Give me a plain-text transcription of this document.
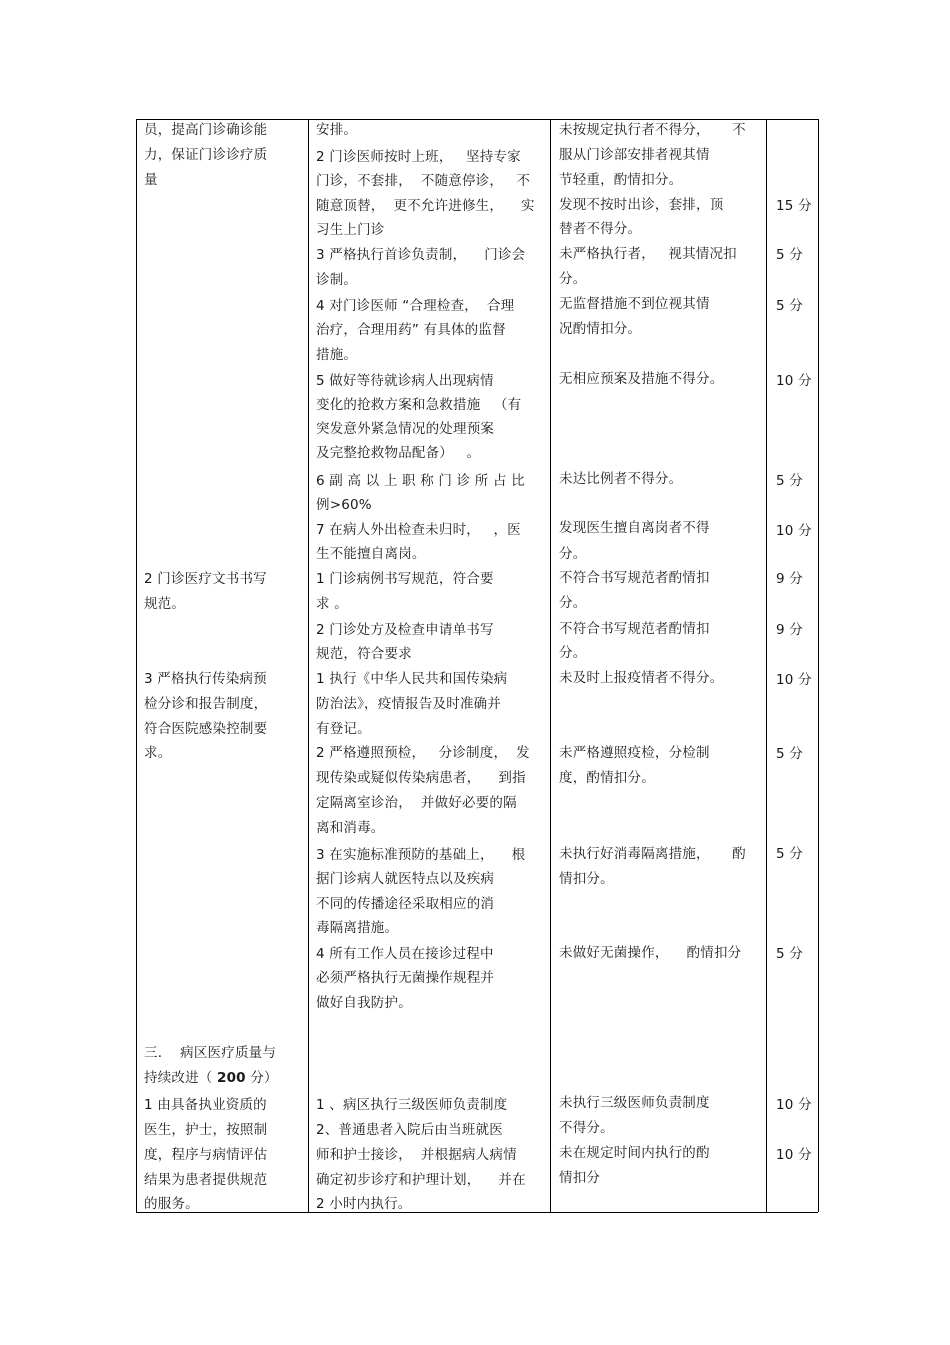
员，提高门诊确诊能
力，保证门诊诊疗质
量
2 门诊医疗文书书写
规范。
3 严格执行传染病预
检分诊和报告制度，
符合医院感染控制要
求。
三.    病区医疗质量与
持续改进（ 200 分）
1 由具备执业资质的
医生，护士，按照制
度，程序与病情评估
结果为患者提供规范
的服务。
安排。
2 门诊医师按时上班，   坚持专家
门诊，不套排，  不随意停诊，   不
随意顶替，  更不允许进修生，    实
习生上门诊
3 严格执行首诊负责制，    门诊会
诊制。
4 对门诊医师 “合理检查，  合理
治疗，合理用药” 有具体的监督
措施。
5 做好等待就诊病人出现病情
变化的抢救方案和急救措施   （有
突发意外紧急情况的处理预案
及完整抢救物品配备）   。
6 副 高 以 上 职 称 门 诊 所 占 比
例>60%
7 在病人外出检查未归时，   ，医
生不能擅自离岗。
1 门诊病例书写规范，符合要
求 。
2 门诊处方及检查申请单书写
规范，符合要求
1 执行《中华人民共和国传染病
防治法》，疫情报告及时准确并
有登记。
2 严格遵照预检，   分诊制度，  发
现传染或疑似传染病患者，    到指
定隔离室诊治，  并做好必要的隔
离和消毒。
3 在实施标准预防的基础上，    根
据门诊病人就医特点以及疾病
不同的传播途径采取相应的消
毒隔离措施。
4 所有工作人员在接诊过程中
必须严格执行无菌操作规程并
做好自我防护。
1 、病区执行三级医师负责制度
2、普通患者入院后由当班就医
师和护士接诊，  并根据病人病情
确定初步诊疗和护理计划，    并在
2 小时内执行。
未按规定执行者不得分，     不
服从门诊部安排者视其情
节轻重，酌情扣分。
发现不按时出诊，套排，顶
替者不得分。
未严格执行者，   视其情况扣
分。
无监督措施不到位视其情
况酌情扣分。
无相应预案及措施不得分。
未达比例者不得分。
发现医生擅自离岗者不得
分。
不符合书写规范者酌情扣
分。
不符合书写规范者酌情扣
分。
未及时上报疫情者不得分。
未严格遵照疫检，分检制
度，酌情扣分。
未执行好消毒隔离措施，     酌
情扣分。
未做好无菌操作，    酌情扣分
未执行三级医师负责制度
不得分。
未在规定时间内执行的酌
情扣分
15 分
5 分
5 分
10 分
5 分
10 分
9 分
9 分
10 分
5 分
5 分
5 分
10 分
10 分
